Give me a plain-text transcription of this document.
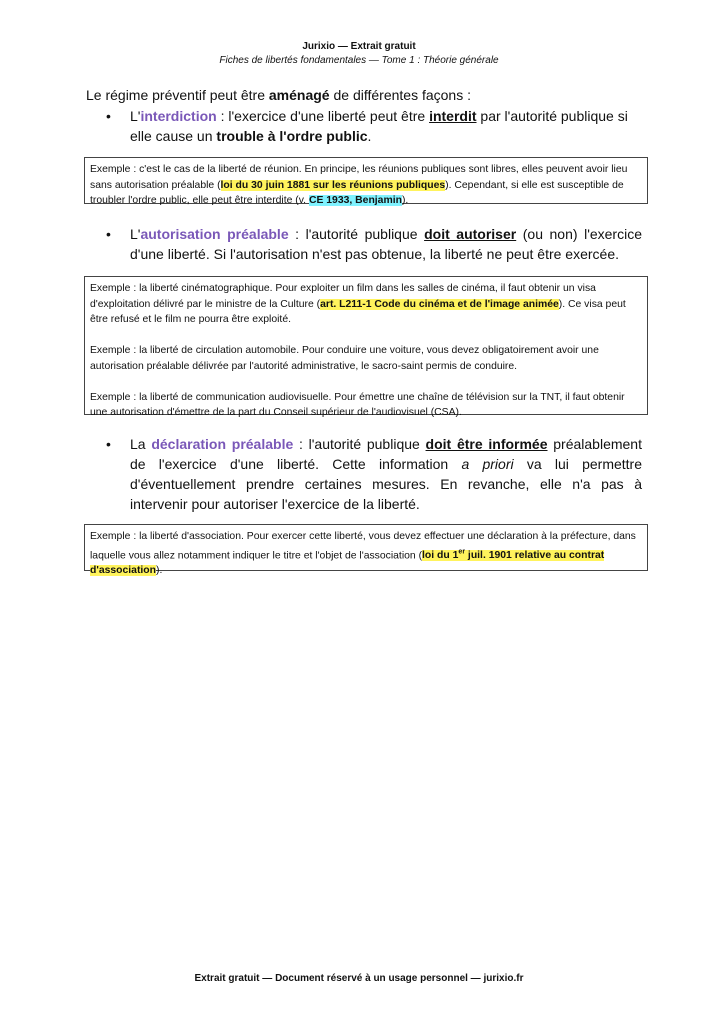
Jurixio — Extrait gratuit
Fiches de libertés fondamentales — Tome 1 : Théorie générale
Le régime préventif peut être aménagé de différentes façons :
• L'interdiction : l'exercice d'une liberté peut être interdit par l'autorité publique si elle cause un trouble à l'ordre public.

Exemple : c'est le cas de la liberté de réunion. En principe, les réunions publiques sont libres, elles peuvent avoir lieu sans autorisation préalable (loi du 30 juin 1881 sur les réunions publiques). Cependant, si elle est susceptible de troubler l'ordre public, elle peut être interdite (v. CE 1933, Benjamin).

• L'autorisation préalable : l'autorité publique doit autoriser (ou non) l'exercice d'une liberté. Si l'autorisation n'est pas obtenue, la liberté ne peut être exercée.

Exemple : la liberté cinématographique. Pour exploiter un film dans les salles de cinéma, il faut obtenir un visa d'exploitation délivré par le ministre de la Culture (art. L211-1 Code du cinéma et de l'image animée). Ce visa peut être refusé et le film ne pourra être exploité.

Exemple : la liberté de circulation automobile. Pour conduire une voiture, vous devez obligatoirement avoir une autorisation préalable délivrée par l'autorité administrative, le sacro-saint permis de conduire.

Exemple : la liberté de communication audiovisuelle. Pour émettre une chaîne de télévision sur la TNT, il faut obtenir une autorisation d'émettre de la part du Conseil supérieur de l'audiovisuel (CSA).

• La déclaration préalable : l'autorité publique doit être informée préalablement de l'exercice d'une liberté. Cette information a priori va lui permettre d'éventuellement prendre certaines mesures. En revanche, elle n'a pas à intervenir pour autoriser l'exercice de la liberté.

Exemple : la liberté d'association. Pour exercer cette liberté, vous devez effectuer une déclaration à la préfecture, dans laquelle vous allez notamment indiquer le titre et l'objet de l'association (loi du 1er juil. 1901 relative au contrat d'association).

Extrait gratuit — Document réservé à un usage personnel — jurixio.fr
